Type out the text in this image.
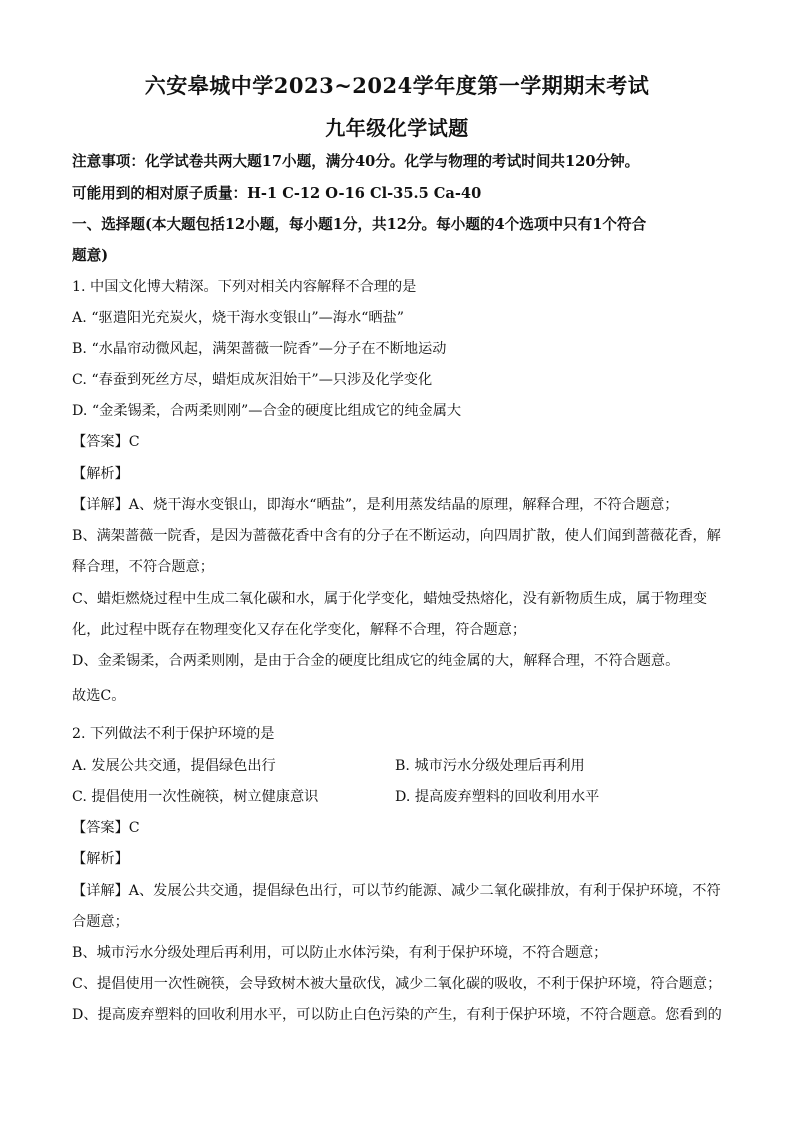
六安皋城中学2023~2024学年度第一学期期末考试
九年级化学试题
注意事项：化学试卷共两大题17小题，满分40分。化学与物理的考试时间共120分钟。
可能用到的相对原子质量：H-1 C-12 O-16 Cl-35.5 Ca-40
一、选择题(本大题包括12小题，每小题1分，共12分。每小题的4个选项中只有1个符合
题意)
1. 中国文化博大精深。下列对相关内容解释不合理的是
A. “驱遣阳光充炭火，烧干海水变银山”—海水“晒盐”
B. “水晶帘动微风起，满架蔷薇一院香”—分子在不断地运动
C. “春蚕到死丝方尽，蜡炬成灰泪始干”—只涉及化学变化
D. “金柔锡柔，合两柔则刚”—合金的硬度比组成它的纯金属大
【答案】C
【解析】
【详解】A、烧干海水变银山，即海水“晒盐”，是利用蒸发结晶的原理，解释合理，不符合题意；
B、满架蔷薇一院香，是因为蔷薇花香中含有的分子在不断运动，向四周扩散，使人们闻到蔷薇花香，解
释合理，不符合题意；
C、蜡炬燃烧过程中生成二氧化碳和水，属于化学变化，蜡烛受热熔化，没有新物质生成，属于物理变
化，此过程中既存在物理变化又存在化学变化，解释不合理，符合题意；
D、金柔锡柔，合两柔则刚，是由于合金的硬度比组成它的纯金属的大，解释合理，不符合题意。
故选C。
2. 下列做法不利于保护环境的是
A. 发展公共交通，提倡绿色出行	B. 城市污水分级处理后再利用
C. 提倡使用一次性碗筷，树立健康意识	D. 提高废弃塑料的回收利用水平
【答案】C
【解析】
【详解】A、发展公共交通，提倡绿色出行，可以节约能源、减少二氧化碳排放，有利于保护环境，不符
合题意；
B、城市污水分级处理后再利用，可以防止水体污染，有利于保护环境，不符合题意；
C、提倡使用一次性碗筷，会导致树木被大量砍伐，减少二氧化碳的吸收，不利于保护环境，符合题意；
D、提高废弃塑料的回收利用水平，可以防止白色污染的产生，有利于保护环境，不符合题意。您看到的
